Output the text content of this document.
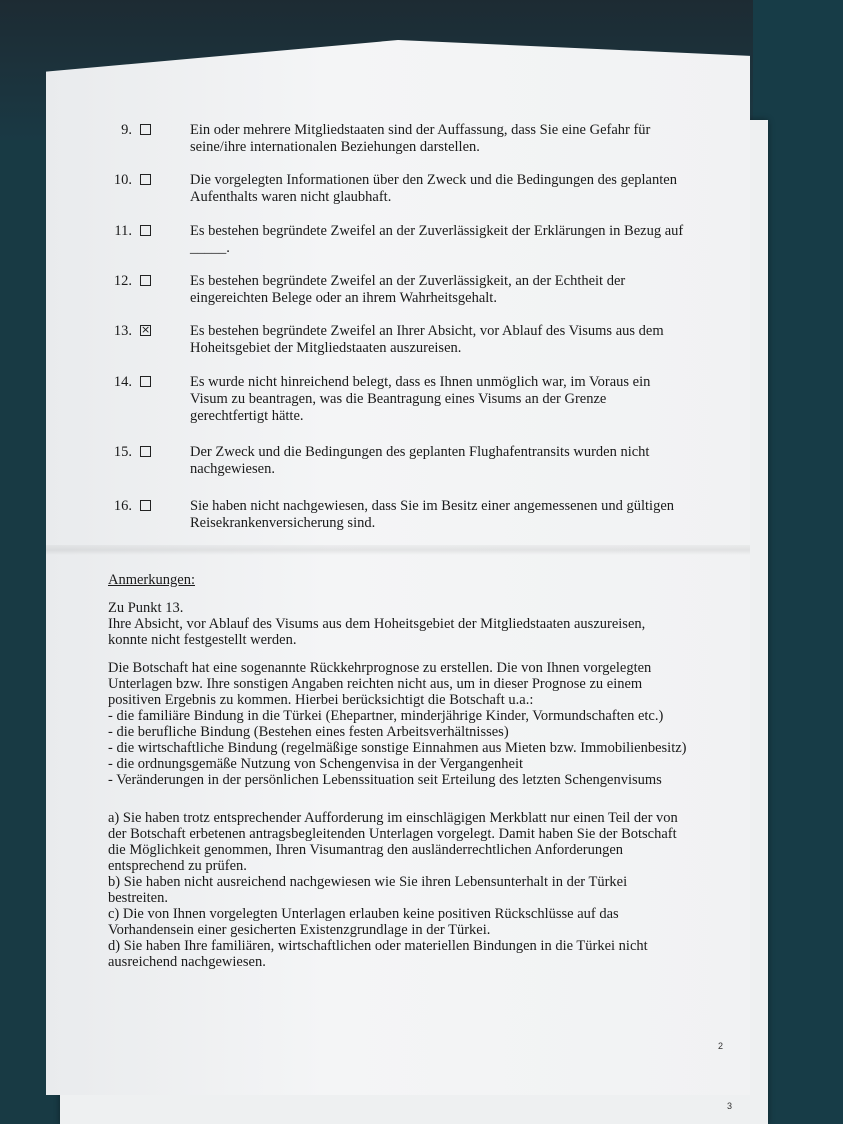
9.	Ein oder mehrere Mitgliedstaaten sind der Auffassung, dass Sie eine Gefahr für
seine/ihre internationalen Beziehungen darstellen.
10.	Die vorgelegten Informationen über den Zweck und die Bedingungen des geplanten
Aufenthalts waren nicht glaubhaft.
11.	Es bestehen begründete Zweifel an der Zuverlässigkeit der Erklärungen in Bezug auf
_____.
12.	Es bestehen begründete Zweifel an der Zuverlässigkeit, an der Echtheit der
eingereichten Belege oder an ihrem Wahrheitsgehalt.
13.
×	Es bestehen begründete Zweifel an Ihrer Absicht, vor Ablauf des Visums aus dem
Hoheitsgebiet der Mitgliedstaaten auszureisen.
14.	Es wurde nicht hinreichend belegt, dass es Ihnen unmöglich war, im Voraus ein
Visum zu beantragen, was die Beantragung eines Visums an der Grenze
gerechtfertigt hätte.
15.	Der Zweck und die Bedingungen des geplanten Flughafentransits wurden nicht
nachgewiesen.
16.	Sie haben nicht nachgewiesen, dass Sie im Besitz einer angemessenen und gültigen
Reisekrankenversicherung sind.

Anmerkungen:

Zu Punkt 13.

Ihre Absicht, vor Ablauf des Visums aus dem Hoheitsgebiet der Mitgliedstaaten auszureisen,

konnte nicht festgestellt werden.

Die Botschaft hat eine sogenannte Rückkehrprognose zu erstellen. Die von Ihnen vorgelegten

Unterlagen bzw. Ihre sonstigen Angaben reichten nicht aus, um in dieser Prognose zu einem

positiven Ergebnis zu kommen. Hierbei berücksichtigt die Botschaft u.a.:

- die familiäre Bindung in die Türkei (Ehepartner, minderjährige Kinder, Vormundschaften etc.)

- die berufliche Bindung (Bestehen eines festen Arbeitsverhältnisses)

- die wirtschaftliche Bindung (regelmäßige sonstige Einnahmen aus Mieten bzw. Immobilienbesitz)

- die ordnungsgemäße Nutzung von Schengenvisa in der Vergangenheit

- Veränderungen in der persönlichen Lebenssituation seit Erteilung des letzten Schengenvisums

a) Sie haben trotz entsprechender Aufforderung im einschlägigen Merkblatt nur einen Teil der von

der Botschaft erbetenen antragsbegleitenden Unterlagen vorgelegt. Damit haben Sie der Botschaft

die Möglichkeit genommen, Ihren Visumantrag den ausländerrechtlichen Anforderungen

entsprechend zu prüfen.

b) Sie haben nicht ausreichend nachgewiesen wie Sie ihren Lebensunterhalt in der Türkei

bestreiten.

c) Die von Ihnen vorgelegten Unterlagen erlauben keine positiven Rückschlüsse auf das

Vorhandensein einer gesicherten Existenzgrundlage in der Türkei.

d) Sie haben Ihre familiären, wirtschaftlichen oder materiellen Bindungen in die Türkei nicht

ausreichend nachgewiesen.

2
3
